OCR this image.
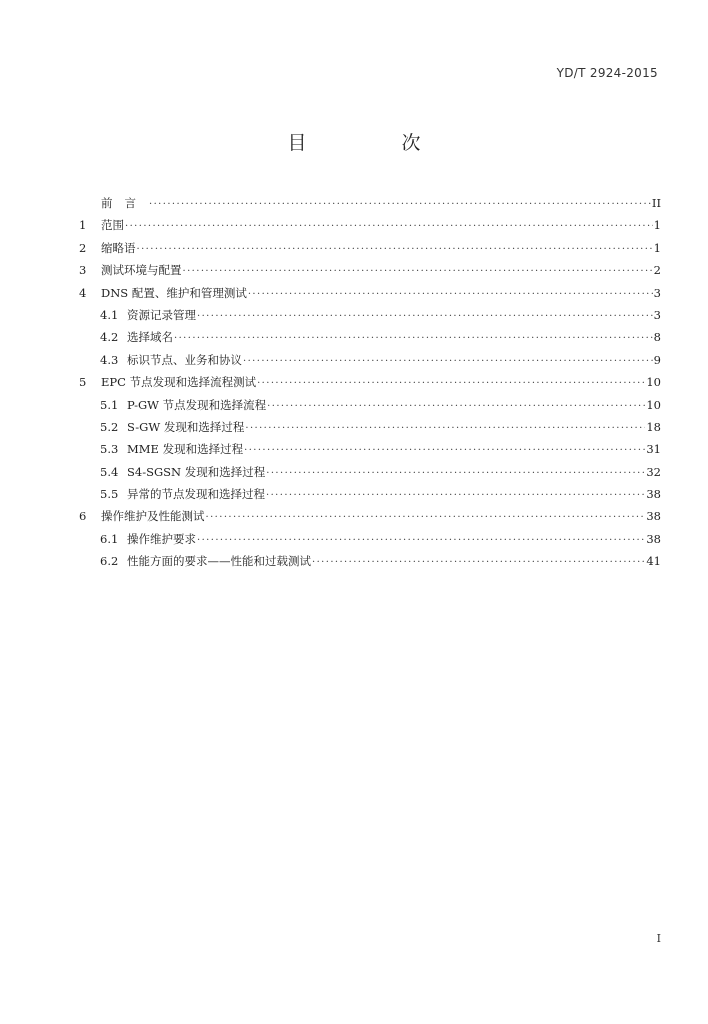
YD/T 2924-2015
目　次
前言 ·····	II
1	范围 ·····	1
2	缩略语 ·····	1
3	测试环境与配置 ·····	2
4	DNS 配置、维护和管理测试 ·····	3
4.1 资源记录管理 ·····	3
4.2 选择域名 ·····	8
4.3 标识节点、业务和协议 ·····	9
5	EPC 节点发现和选择流程测试 ·····	10
5.1 P-GW 节点发现和选择流程 ·····	10
5.2 S-GW 发现和选择过程 ·····	18
5.3 MME 发现和选择过程 ·····	31
5.4 S4-SGSN 发现和选择过程 ·····	32
5.5 异常的节点发现和选择过程 ·····	38
6	操作维护及性能测试 ·····	38
6.1 操作维护要求 ·····	38
6.2 性能方面的要求——性能和过载测试 ·····	41
I
